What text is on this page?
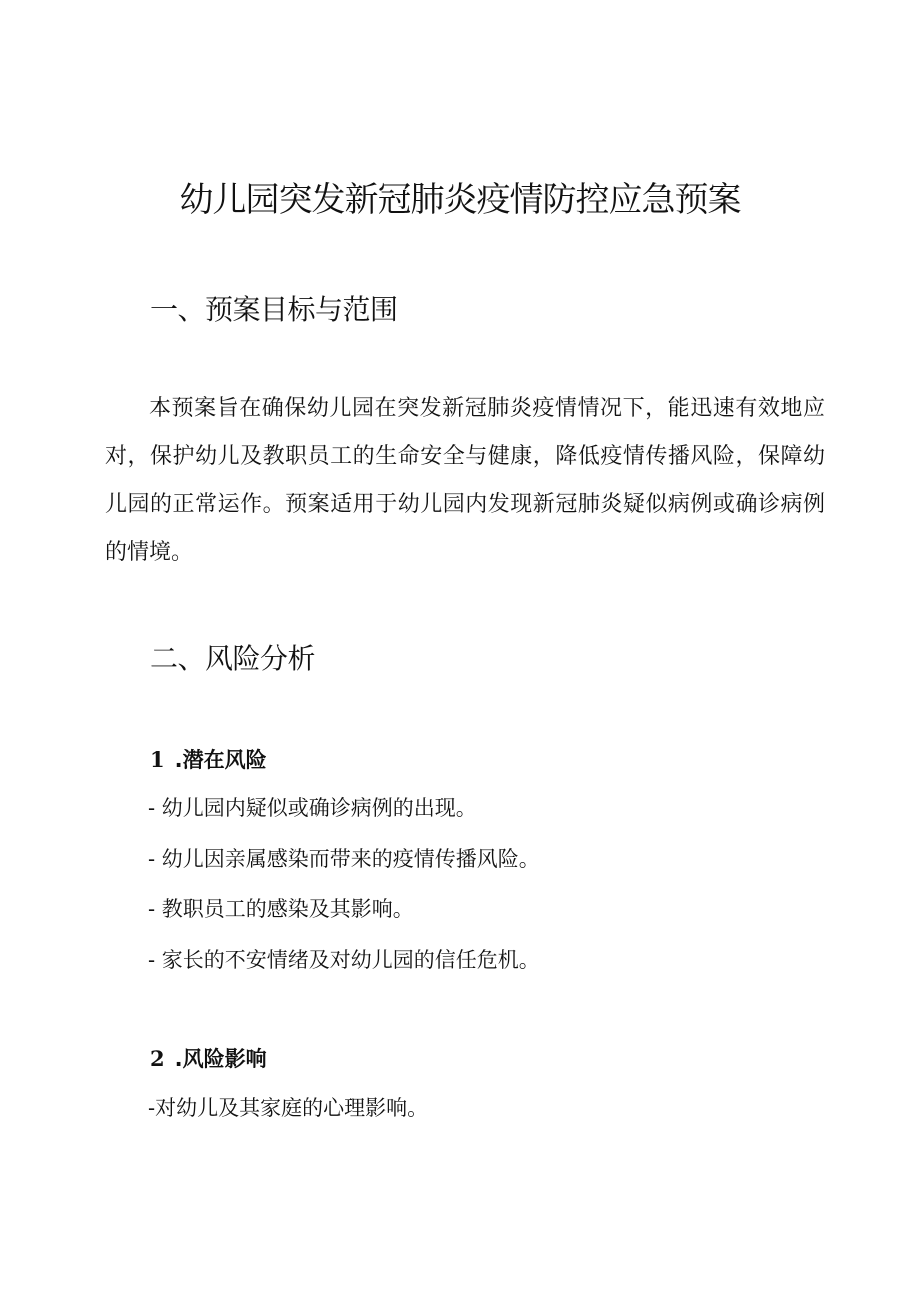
幼儿园突发新冠肺炎疫情防控应急预案
一、预案目标与范围

本预案旨在确保幼儿园在突发新冠肺炎疫情情况下，能迅速有效地应对，保护幼儿及教职员工的生命安全与健康，降低疫情传播风险，保障幼儿园的正常运作。预案适用于幼儿园内发现新冠肺炎疑似病例或确诊病例的情境。

二、风险分析
1 .潜在风险
- 幼儿园内疑似或确诊病例的出现。
- 幼儿因亲属感染而带来的疫情传播风险。
- 教职员工的感染及其影响。
- 家长的不安情绪及对幼儿园的信任危机。
2 .风险影响
-对幼儿及其家庭的心理影响。
